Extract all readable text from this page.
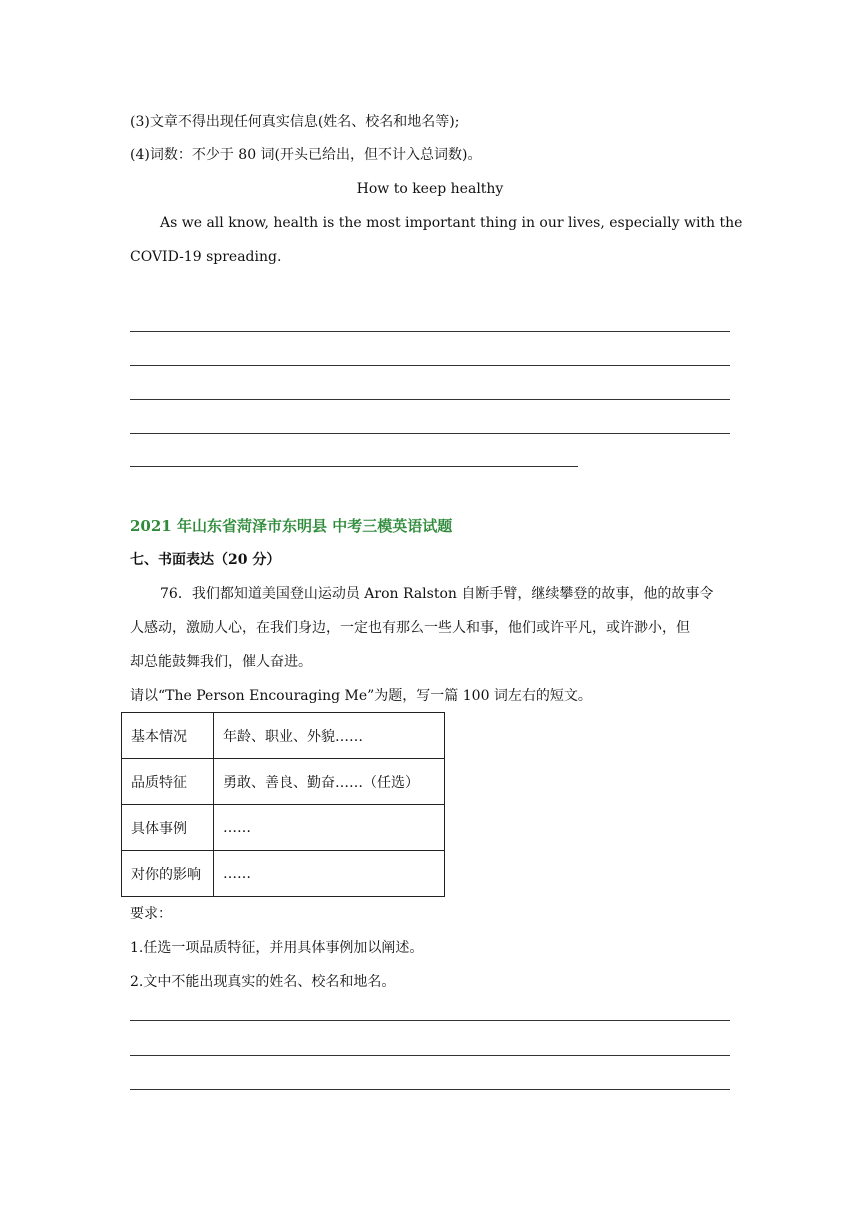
(3)文章不得出现任何真实信息(姓名、校名和地名等);
(4)词数：不少于 80 词(开头已给出，但不计入总词数)。
How to keep healthy
As we all know, health is the most important thing in our lives, especially with the
COVID-19 spreading.
2021 年山东省菏泽市东明县 中考三模英语试题
七、书面表达（20 分）
76．我们都知道美国登山运动员 Aron Ralston 自断手臂，继续攀登的故事，他的故事令
人感动，激励人心，在我们身边，一定也有那么一些人和事，他们或许平凡，或许渺小，但
却总能鼓舞我们，催人奋进。
请以“The Person Encouraging Me”为题，写一篇 100 词左右的短文。
基本情况	年龄、职业、外貌……
品质特征	勇敢、善良、勤奋……（任选）
具体事例	……
对你的影响	……
要求：
1.任选一项品质特征，并用具体事例加以阐述。
2.文中不能出现真实的姓名、校名和地名。
